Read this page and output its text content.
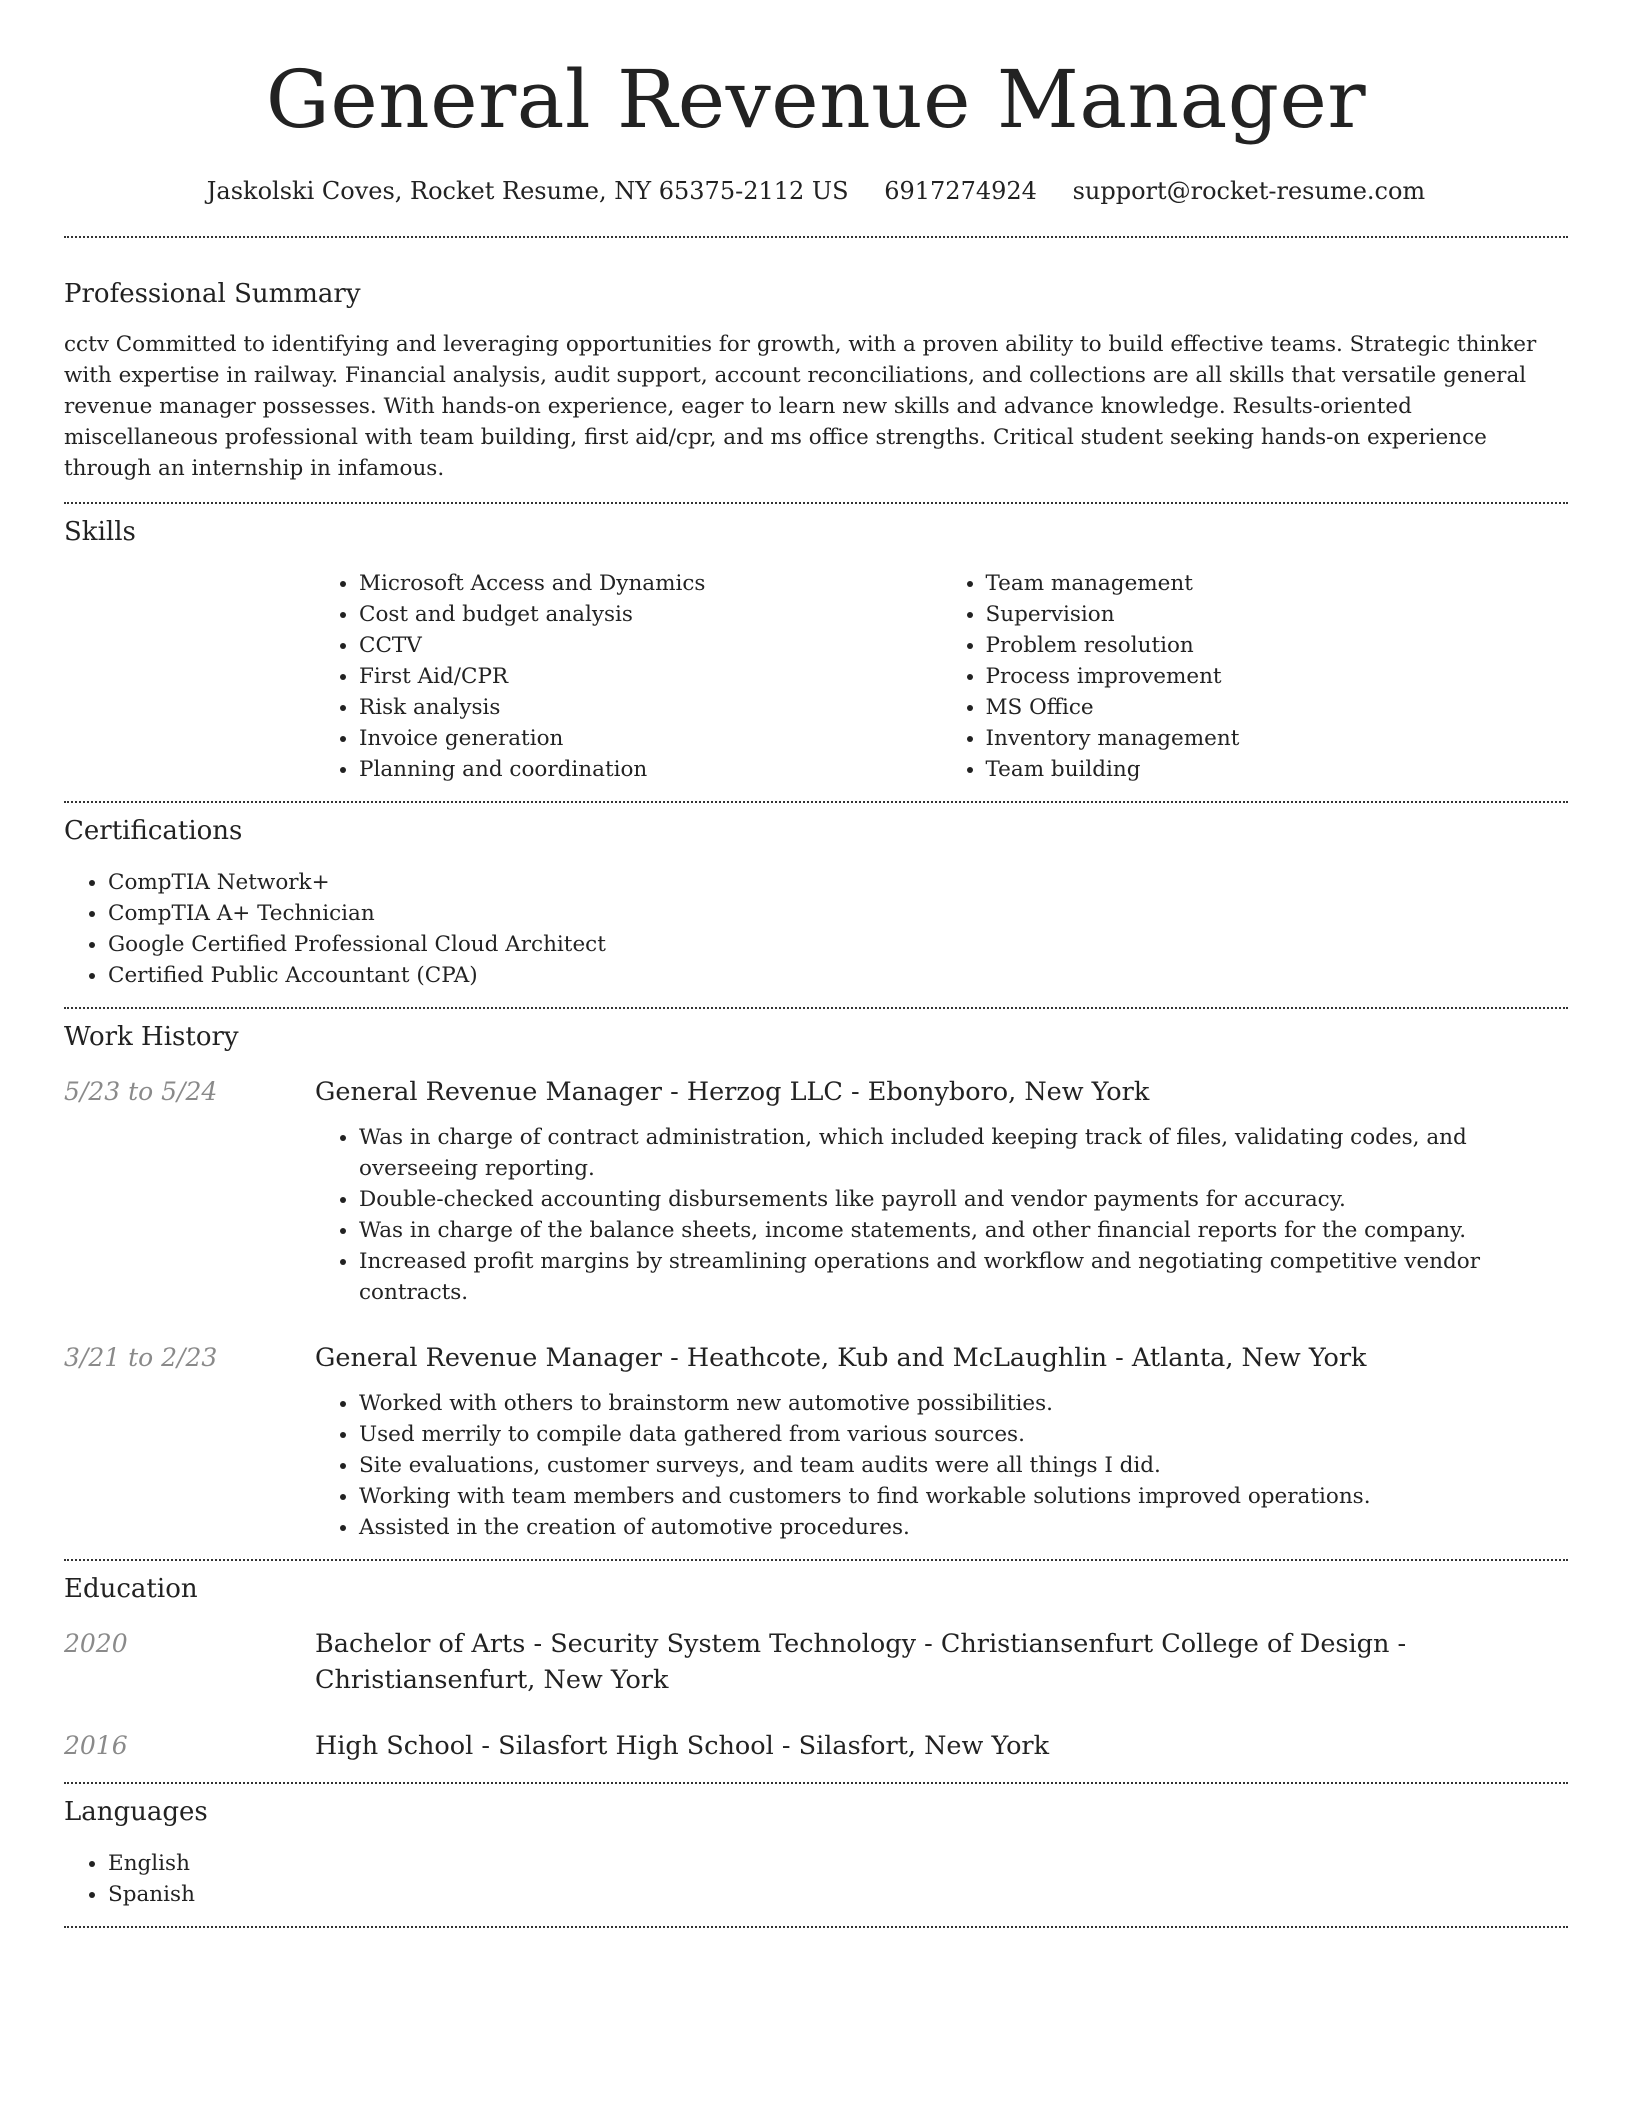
General Revenue Manager
Jaskolski Coves, Rocket Resume, NY 65375-2112 US 6917274924 support@rocket-resume.com
Professional Summary

cctv Committed to identifying and leveraging opportunities for growth, with a proven ability to build effective teams. Strategic thinker with expertise in railway. Financial analysis, audit support, account reconciliations, and collections are all skills that versatile general revenue manager possesses. With hands-on experience, eager to learn new skills and advance knowledge. Results-oriented miscellaneous professional with team building, first aid/cpr, and ms office strengths. Critical student seeking hands-on experience through an internship in infamous.

Skills
• Microsoft Access and Dynamics
• Cost and budget analysis
• CCTV
• First Aid/CPR
• Risk analysis
• Invoice generation
• Planning and coordination
• Team management
• Supervision
• Problem resolution
• Process improvement
• MS Office
• Inventory management
• Team building
Certifications
• CompTIA Network+
• CompTIA A+ Technician
• Google Certified Professional Cloud Architect
• Certified Public Accountant (CPA)
Work History
5/23 to 5/24	General Revenue Manager - Herzog LLC - Ebonyboro, New York

• Was in charge of contract administration, which included keeping track of files, validating codes, and overseeing reporting.
• Double-checked accounting disbursements like payroll and vendor payments for accuracy.
• Was in charge of the balance sheets, income statements, and other financial reports for the company.
• Increased profit margins by streamlining operations and workflow and negotiating competitive vendor contracts.
3/21 to 2/23	General Revenue Manager - Heathcote, Kub and McLaughlin - Atlanta, New York

• Worked with others to brainstorm new automotive possibilities.
• Used merrily to compile data gathered from various sources.
• Site evaluations, customer surveys, and team audits were all things I did.
• Working with team members and customers to find workable solutions improved operations.
• Assisted in the creation of automotive procedures.
Education
2020	Bachelor of Arts - Security System Technology - Christiansenfurt College of Design - Christiansenfurt, New York

2016	High School - Silasfort High School - Silasfort, New York

Languages
• English
• Spanish
